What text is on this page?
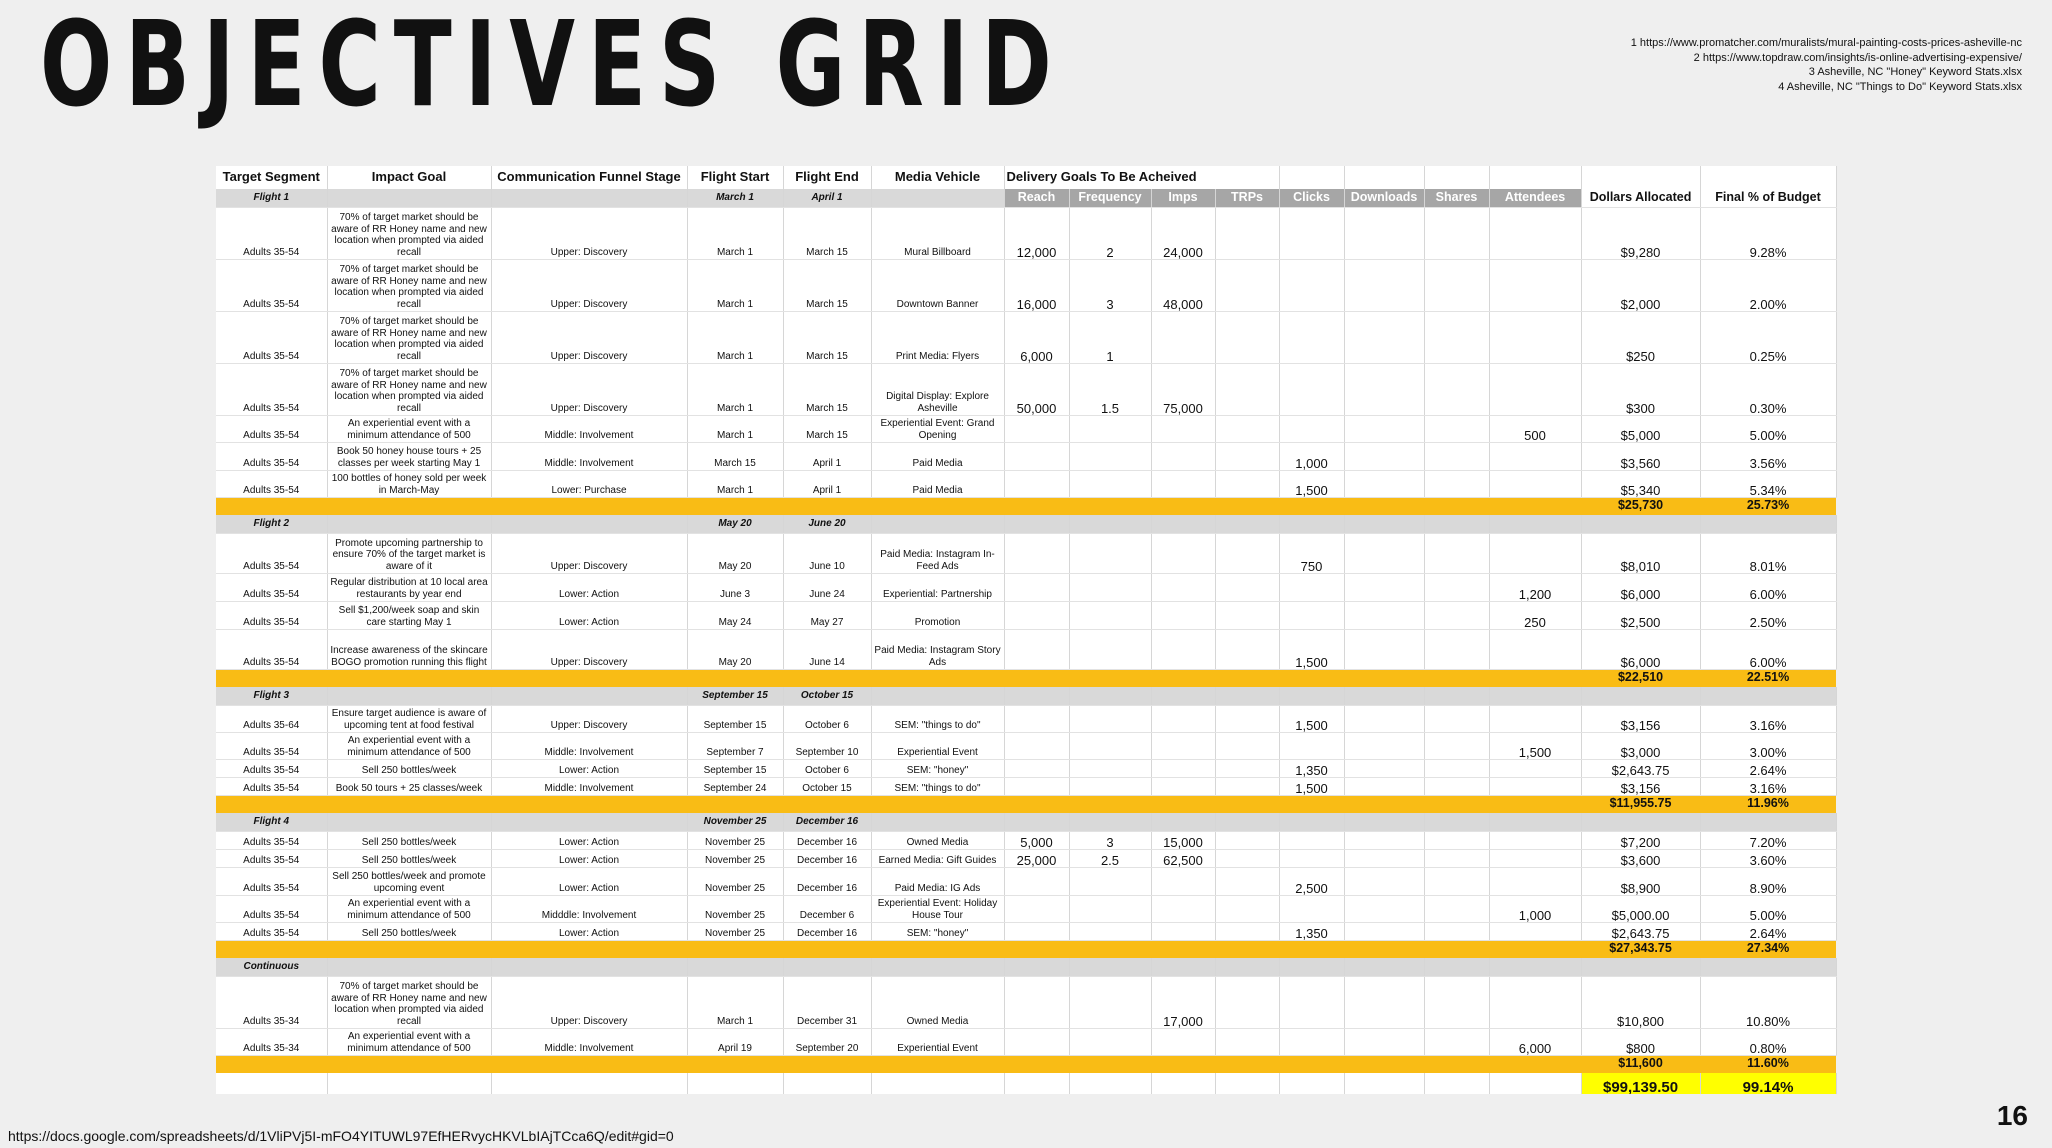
OBJECTIVES GRID	1 https://www.promatcher.com/muralists/mural-painting-costs-prices-asheville-nc
2 https://www.topdraw.com/insights/is-online-advertising-expensive/
3 Asheville, NC "Honey" Keyword Stats.xlsx
4 Asheville, NC "Things to Do" Keyword Stats.xlsx
Target Segment	Impact Goal	Communication Funnel Stage	Flight Start	Flight End	Media Vehicle	Delivery Goals To Be Acheived									
Flight 1			March 1	April 1		Reach	Frequency	Imps	TRPs	Clicks	Downloads	Shares	Attendees	Dollars Allocated	Final % of Budget
Adults 35-54	70% of target market should be aware of RR Honey name and new location when prompted via aided recall	Upper: Discovery	March 1	March 15	Mural Billboard	12,000	2	24,000						$9,280	9.28%
Adults 35-54	70% of target market should be aware of RR Honey name and new location when prompted via aided recall	Upper: Discovery	March 1	March 15	Downtown Banner	16,000	3	48,000						$2,000	2.00%
Adults 35-54	70% of target market should be aware of RR Honey name and new location when prompted via aided recall	Upper: Discovery	March 1	March 15	Print Media: Flyers	6,000	1							$250	0.25%
Adults 35-54	70% of target market should be aware of RR Honey name and new location when prompted via aided recall	Upper: Discovery	March 1	March 15	Digital Display: Explore Asheville	50,000	1.5	75,000						$300	0.30%
Adults 35-54	An experiential event with a minimum attendance of 500	Middle: Involvement	March 1	March 15	Experiential Event: Grand Opening								500	$5,000	5.00%
Adults 35-54	Book 50 honey house tours + 25 classes per week starting May 1	Middle: Involvement	March 15	April 1	Paid Media					1,000				$3,560	3.56%
Adults 35-54	100 bottles of honey sold per week in March-May	Lower: Purchase	March 1	April 1	Paid Media					1,500				$5,340	5.34%
														$25,730	25.73%
Flight 2			May 20	June 20											
Adults 35-54	Promote upcoming partnership to ensure 70% of the target market is aware of it	Upper: Discovery	May 20	June 10	Paid Media: Instagram In-Feed Ads					750				$8,010	8.01%
Adults 35-54	Regular distribution at 10 local area restaurants by year end	Lower: Action	June 3	June 24	Experiential: Partnership								1,200	$6,000	6.00%
Adults 35-54	Sell $1,200/week soap and skin care starting May 1	Lower: Action	May 24	May 27	Promotion								250	$2,500	2.50%
Adults 35-54	Increase awareness of the skincare BOGO promotion running this flight	Upper: Discovery	May 20	June 14	Paid Media: Instagram Story Ads					1,500				$6,000	6.00%
														$22,510	22.51%
Flight 3			September 15	October 15											
Adults 35-64	Ensure target audience is aware of upcoming tent at food festival	Upper: Discovery	September 15	October 6	SEM: "things to do"					1,500				$3,156	3.16%
Adults 35-54	An experiential event with a minimum attendance of 500	Middle: Involvement	September 7	September 10	Experiential Event								1,500	$3,000	3.00%
Adults 35-54	Sell 250 bottles/week	Lower: Action	September 15	October 6	SEM: "honey"					1,350				$2,643.75	2.64%
Adults 35-54	Book 50 tours + 25 classes/week	Middle: Involvement	September 24	October 15	SEM: "things to do"					1,500				$3,156	3.16%
														$11,955.75	11.96%
Flight 4			November 25	December 16											
Adults 35-54	Sell 250 bottles/week	Lower: Action	November 25	December 16	Owned Media	5,000	3	15,000						$7,200	7.20%
Adults 35-54	Sell 250 bottles/week	Lower: Action	November 25	December 16	Earned Media: Gift Guides	25,000	2.5	62,500						$3,600	3.60%
Adults 35-54	Sell 250 bottles/week and promote upcoming event	Lower: Action	November 25	December 16	Paid Media: IG Ads					2,500				$8,900	8.90%
Adults 35-54	An experiential event with a minimum attendance of 500	Midddle: Involvement	November 25	December 6	Experiential Event: Holiday House Tour								1,000	$5,000.00	5.00%
Adults 35-54	Sell 250 bottles/week	Lower: Action	November 25	December 16	SEM: "honey"					1,350				$2,643.75	2.64%
														$27,343.75	27.34%
Continuous															
Adults 35-34	70% of target market should be aware of RR Honey name and new location when prompted via aided recall	Upper: Discovery	March 1	December 31	Owned Media			17,000						$10,800	10.80%
Adults 35-34	An experiential event with a minimum attendance of 500	Middle: Involvement	April 19	September 20	Experiential Event								6,000	$800	0.80%
														$11,600	11.60%
														$99,139.50	99.14%
https://docs.google.com/spreadsheets/d/1VliPVj5I-mFO4YITUWL97EfHERvycHKVLbIAjTCca6Q/edit#gid=0
16
